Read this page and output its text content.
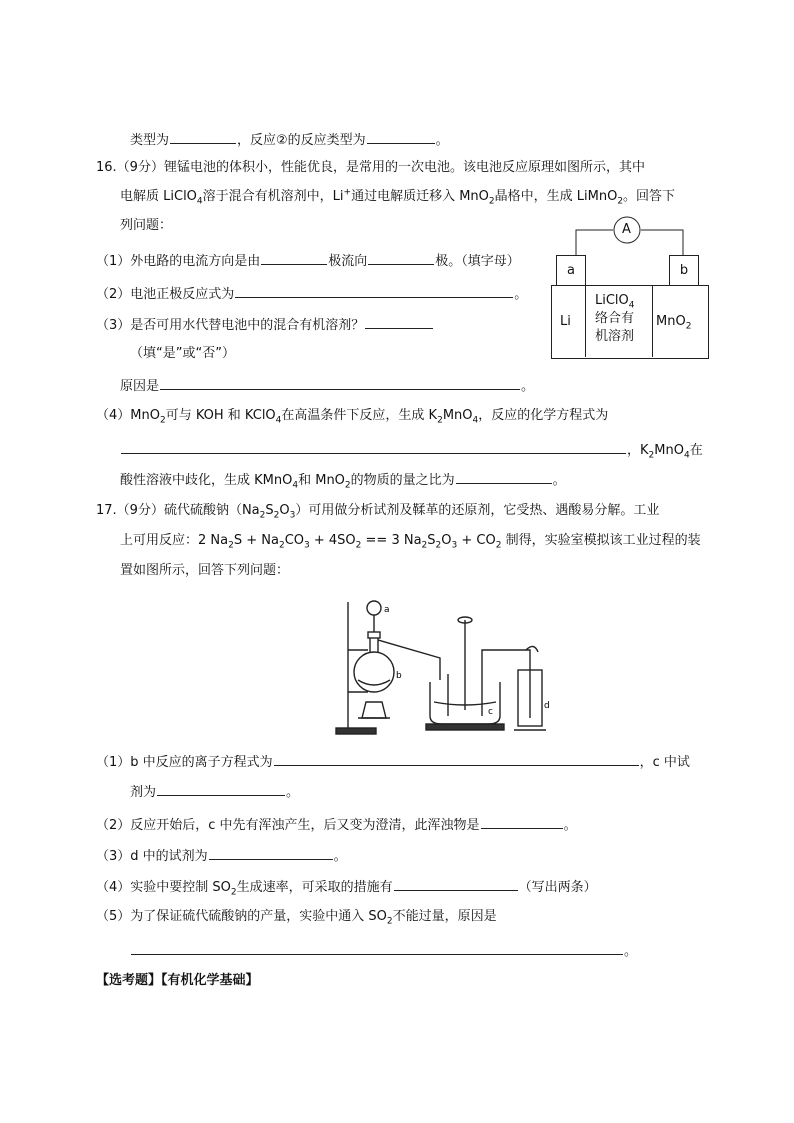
类型为	，反应②的反应类型为	。
16.（9分）锂锰电池的体积小，性能优良，是常用的一次电池。该电池反应原理如图所示，其中
电解质 LiClO$_4$溶于混合有机溶剂中，Li+通过电解质迁移入 MnO$_2$晶格中，生成 LiMnO$_2$。回答下
列问题：
（1）外电路的电流方向是由	极流向	极。（填字母）
（2）电池正极反应式为	。
（3）是否可用水代替电池中的混合有机溶剂？
（填“是”或“否”）
原因是	。
（4）MnO$_2$可与 KOH 和 KClO$_4$在高温条件下反应，生成 $K_2MnO_4$，反应的化学方程式为
，$K_2MnO_4$在
酸性溶液中歧化，生成 KMnO$_4$和 MnO$_2$的物质的量之比为	。
A
a	b
Li
LiClO$_4$
络合有
机溶剂
MnO$_2$
17.（9分）硫代硫酸钠$(Na_2S_2O_3)$可用做分析试剂及鞣革的还原剂，它受热、遇酸易分解。工业
上可用反应：2 $Na_2S + Na_2CO_3 + 4SO_2 == 3$ $Na_2S_2O_3 + CO_2$ 制得，实验室模拟该工业过程的装
置如图所示，回答下列问题：
a
b
c
d
（1）b 中反应的离子方程式为	，c 中试
剂为	。
（2）反应开始后，c 中先有浑浊产生，后又变为澄清，此浑浊物是	。
（3）d 中的试剂为	。
（4）实验中要控制 $SO_2$生成速率，可采取的措施有	（写出两条）
（5）为了保证硫代硫酸钠的产量，实验中通入 $SO_2$不能过量，原因是
。
【选考题】【有机化学基础】
